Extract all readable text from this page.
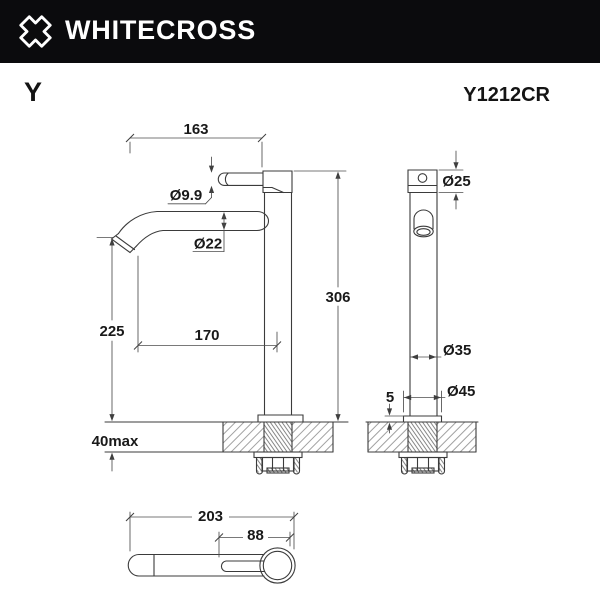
WHITECROSS
Y	Y1212CR
163
Ø9.9
Ø22
225
40max
170
306
Ø25
Ø35
Ø45
5
203
88
